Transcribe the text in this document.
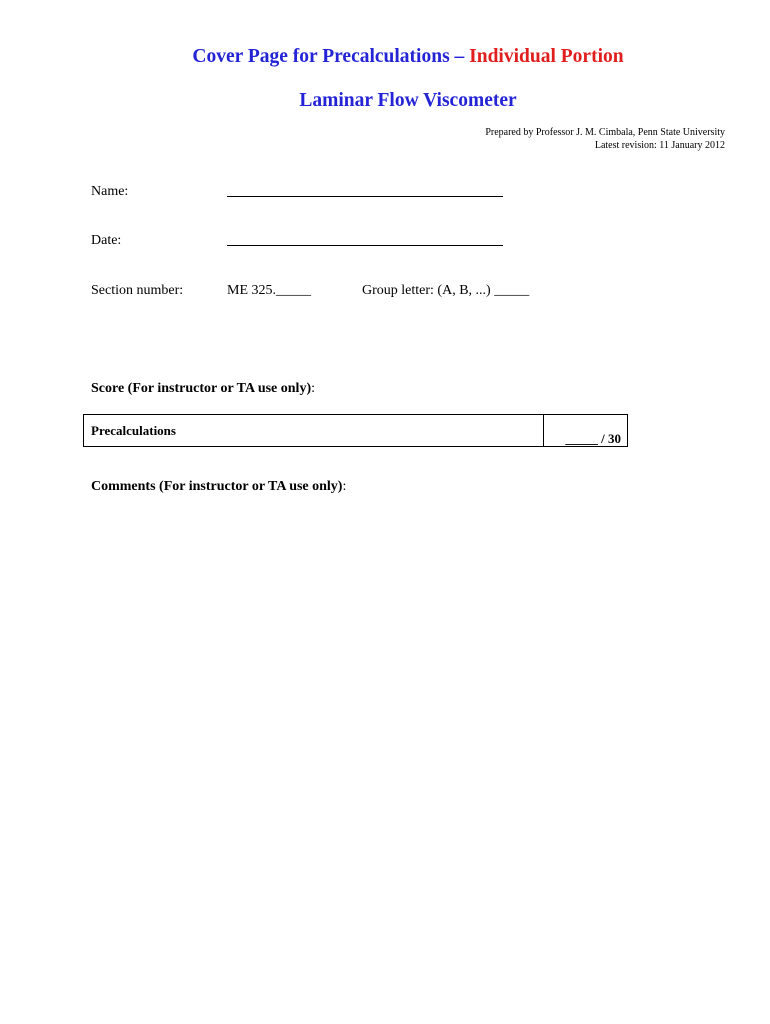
Cover Page for Precalculations – Individual Portion
Laminar Flow Viscometer
Prepared by Professor J. M. Cimbala, Penn State University
Latest revision: 11 January 2012
Name:
Date:
Section number:	ME 325._____	Group letter: (A, B, ...) _____
Score (For instructor or TA use only):
Precalculations
_____ / 30
Comments (For instructor or TA use only):
